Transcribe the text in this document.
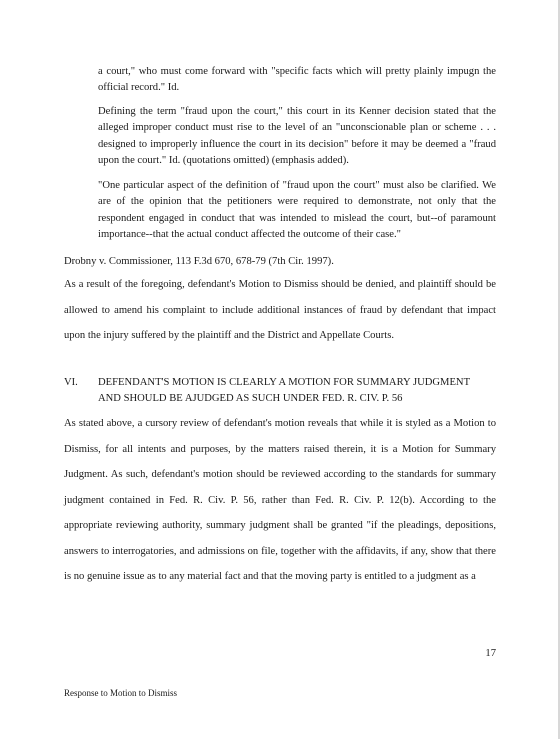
a court," who must come forward with "specific facts which will pretty plainly impugn the official record." Id.
Defining the term "fraud upon the court," this court in its Kenner decision stated that the alleged improper conduct must rise to the level of an "unconscionable plan or scheme . . . designed to improperly influence the court in its decision" before it may be deemed a "fraud upon the court." Id. (quotations omitted) (emphasis added).
"One particular aspect of the definition of "fraud upon the court" must also be clarified. We are of the opinion that the petitioners were required to demonstrate, not only that the respondent engaged in conduct that was intended to mislead the court, but--of paramount importance--that the actual conduct affected the outcome of their case."
Drobny v. Commissioner, 113 F.3d 670, 678-79 (7th Cir. 1997).
As a result of the foregoing, defendant's Motion to Dismiss should be denied, and plaintiff should be allowed to amend his complaint to include additional instances of fraud by defendant that impact upon the injury suffered by the plaintiff and the District and Appellate Courts.
VI. DEFENDANT'S MOTION IS CLEARLY A MOTION FOR SUMMARY JUDGMENT
AND SHOULD BE AJUDGED AS SUCH UNDER FED. R. CIV. P. 56
As stated above, a cursory review of defendant's motion reveals that while it is styled as a Motion to Dismiss, for all intents and purposes, by the matters raised therein, it is a Motion for Summary Judgment. As such, defendant's motion should be reviewed according to the standards for summary judgment contained in Fed. R. Civ. P. 56, rather than Fed. R. Civ. P. 12(b). According to the appropriate reviewing authority, summary judgment shall be granted "if the pleadings, depositions, answers to interrogatories, and admissions on file, together with the affidavits, if any, show that there is no genuine issue as to any material fact and that the moving party is entitled to a judgment as a
17
Response to Motion to Dismiss
